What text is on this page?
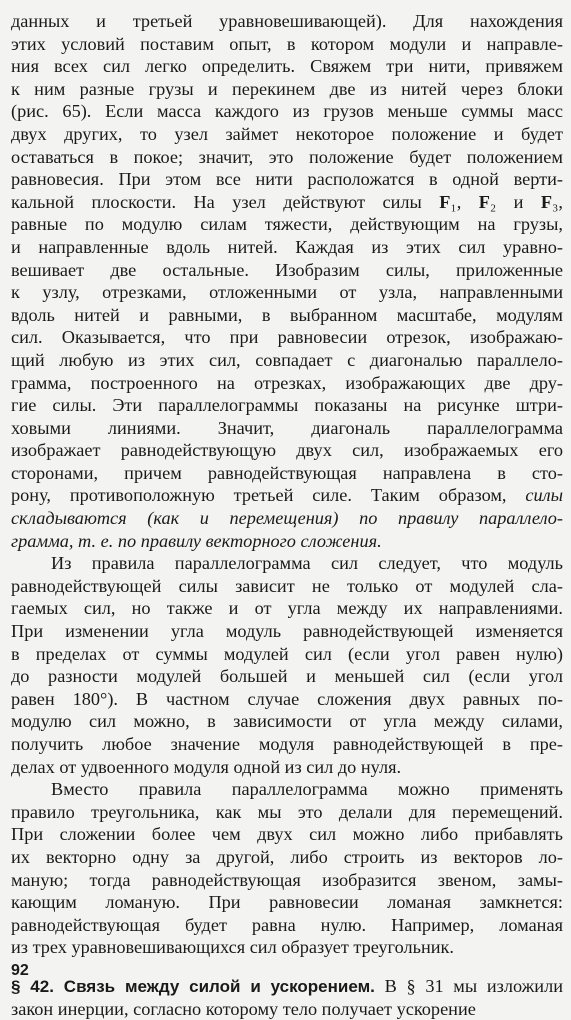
данных и третьей уравновешивающей). Для нахождения
этих условий поставим опыт, в котором модули и направле-
ния всех сил легко определить. Свяжем три нити, привяжем
к ним разные грузы и перекинем две из нитей через блоки
(рис. 65). Если масса каждого из грузов меньше суммы масс
двух других, то узел займет некоторое положение и будет
оставаться в покое; значит, это положение будет положением
равновесия. При этом все нити расположатся в одной верти-
кальной плоскости. На узел действуют силы F₁, F₂ и F₃,
равные по модулю силам тяжести, действующим на грузы,
и направленные вдоль нитей. Каждая из этих сил уравно-
вешивает две остальные. Изобразим силы, приложенные
к узлу, отрезками, отложенными от узла, направленными
вдоль нитей и равными, в выбранном масштабе, модулям
сил. Оказывается, что при равновесии отрезок, изображаю-
щий любую из этих сил, совпадает с диагональю параллело-
грамма, построенного на отрезках, изображающих две дру-
гие силы. Эти параллелограммы показаны на рисунке штри-
ховыми линиями. Значит, диагональ параллелограмма
изображает равнодействующую двух сил, изображаемых его
сторонами, причем равнодействующая направлена в сто-
рону, противоположную третьей силе. Таким образом, силы
складываются (как и перемещения) по правилу параллело-
грамма, т. е. по правилу векторного сложения.
Из правила параллелограмма сил следует, что модуль
равнодействующей силы зависит не только от модулей сла-
гаемых сил, но также и от угла между их направлениями.
При изменении угла модуль равнодействующей изменяется
в пределах от суммы модулей сил (если угол равен нулю)
до разности модулей большей и меньшей сил (если угол
равен 180°). В частном случае сложения двух равных по-
модулю сил можно, в зависимости от угла между силами,
получить любое значение модуля равнодействующей в пре-
делах от удвоенного модуля одной из сил до нуля.
Вместо правила параллелограмма можно применять
правило треугольника, как мы это делали для перемещений.
При сложении более чем двух сил можно либо прибавлять
их векторно одну за другой, либо строить из векторов ло-
маную; тогда равнодействующая изобразится звеном, замы-
кающим ломаную. При равновесии ломаная замкнется:
равнодействующая будет равна нулю. Например, ломаная
из трех уравновешивающихся сил образует треугольник.
§ 42. Связь между силой и ускорением. В § 31 мы изложили
закон инерции, согласно которому тело получает ускорение
92
